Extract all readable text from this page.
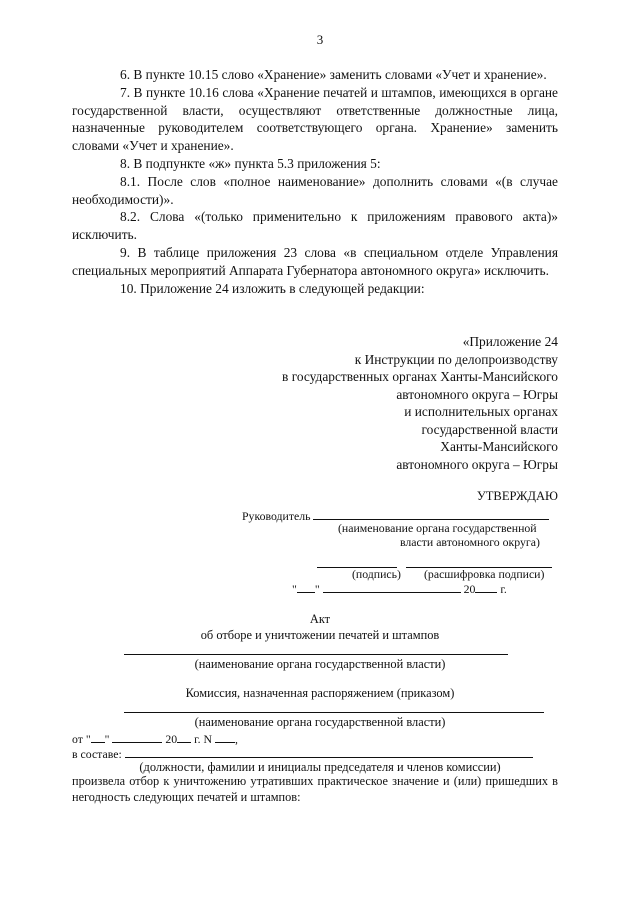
3

6. В пункте 10.15 слово «Хранение» заменить словами «Учет и хранение».

7. В пункте 10.16 слова «Хранение печатей и штампов, имеющихся в органе государственной власти, осуществляют ответственные должностные лица, назначенные руководителем соответствующего органа. Хранение» заменить словами «Учет и хранение».

8. В подпункте «ж» пункта 5.3 приложения 5:

8.1. После слов «полное наименование» дополнить словами «(в случае необходимости)».

8.2. Слова «(только применительно к приложениям правового акта)» исключить.

9. В таблице приложения 23 слова «в специальном отделе Управления специальных мероприятий Аппарата Губернатора автономного округа» исключить.

10. Приложение 24 изложить в следующей редакции:

«Приложение 24
к Инструкции по делопроизводству
в государственных органах Ханты-Мансийского
автономного округа – Югры
и исполнительных органах
государственной власти
Ханты-Мансийского
автономного округа – Югры
УТВЕРЖДАЮ
Руководитель
(наименование органа государственной
власти автономного округа)

(подпись) (расшифровка подписи)
" "	20 г.
Акт
об отборе и уничтожении печатей и штампов
(наименование органа государственной власти)
Комиссия, назначенная распоряжением (приказом)
(наименование органа государственной власти)
от " "	20 г. N ,
в составе:
(должности, фамилии и инициалы председателя и членов комиссии)

произвела отбор к уничтожению утративших практическое значение и (или) пришедших в негодность следующих печатей и штампов:
